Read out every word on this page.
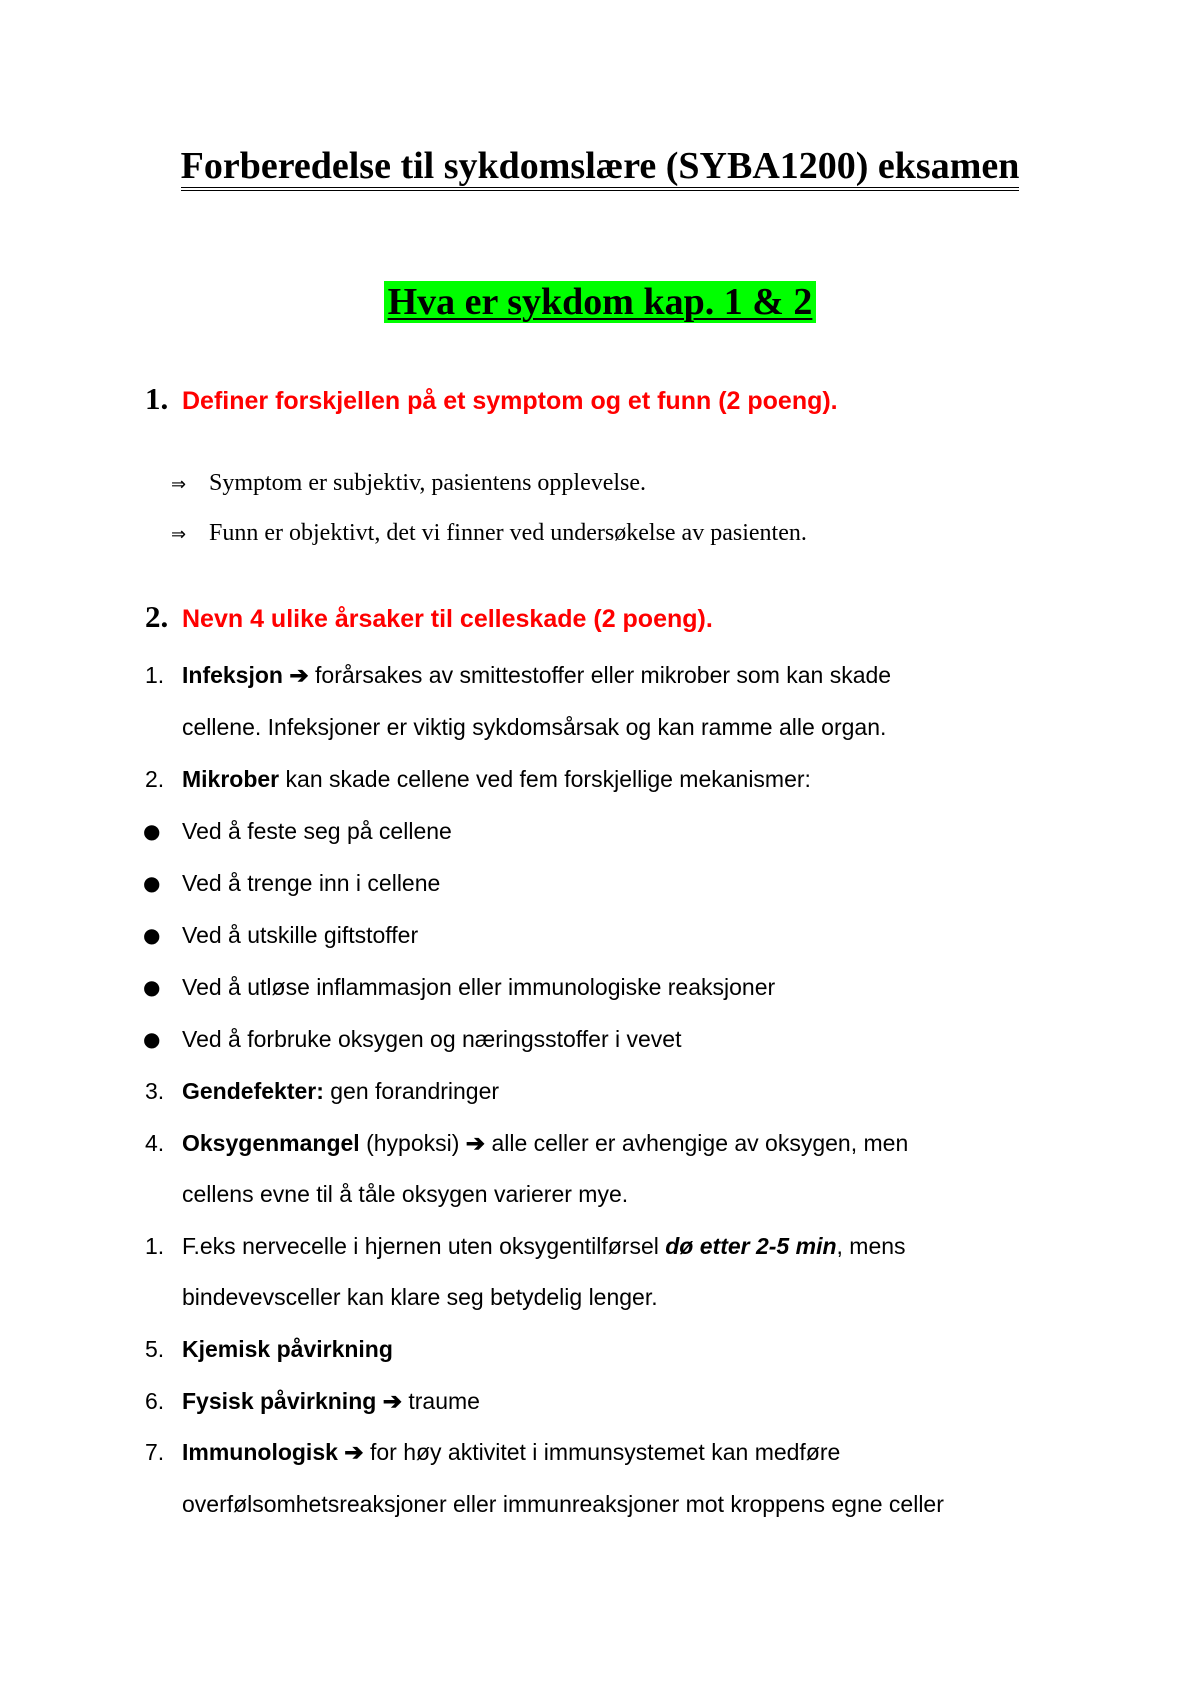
Forberedelse til sykdomslære (SYBA1200) eksamen
Hva er sykdom kap. 1 & 2
1. Definer forskjellen på et symptom og et funn (2 poeng).
⇒ Symptom er subjektiv, pasientens opplevelse.
⇒ Funn er objektivt, det vi finner ved undersøkelse av pasienten.
2. Nevn 4 ulike årsaker til celleskade (2 poeng).
1. Infeksjon ➔ forårsakes av smittestoffer eller mikrober som kan skade
cellene. Infeksjoner er viktig sykdomsårsak og kan ramme alle organ.
2. Mikrober kan skade cellene ved fem forskjellige mekanismer:
● Ved å feste seg på cellene
● Ved å trenge inn i cellene
● Ved å utskille giftstoffer
● Ved å utløse inflammasjon eller immunologiske reaksjoner
● Ved å forbruke oksygen og næringsstoffer i vevet
3. Gendefekter: gen forandringer
4. Oksygenmangel (hypoksi) ➔ alle celler er avhengige av oksygen, men
cellens evne til å tåle oksygen varierer mye.
1. F.eks nervecelle i hjernen uten oksygentilførsel dø etter 2-5 min, mens
bindevevsceller kan klare seg betydelig lenger.
5. Kjemisk påvirkning
6. Fysisk påvirkning ➔ traume
7. Immunologisk ➔ for høy aktivitet i immunsystemet kan medføre
overfølsomhetsreaksjoner eller immunreaksjoner mot kroppens egne celler
